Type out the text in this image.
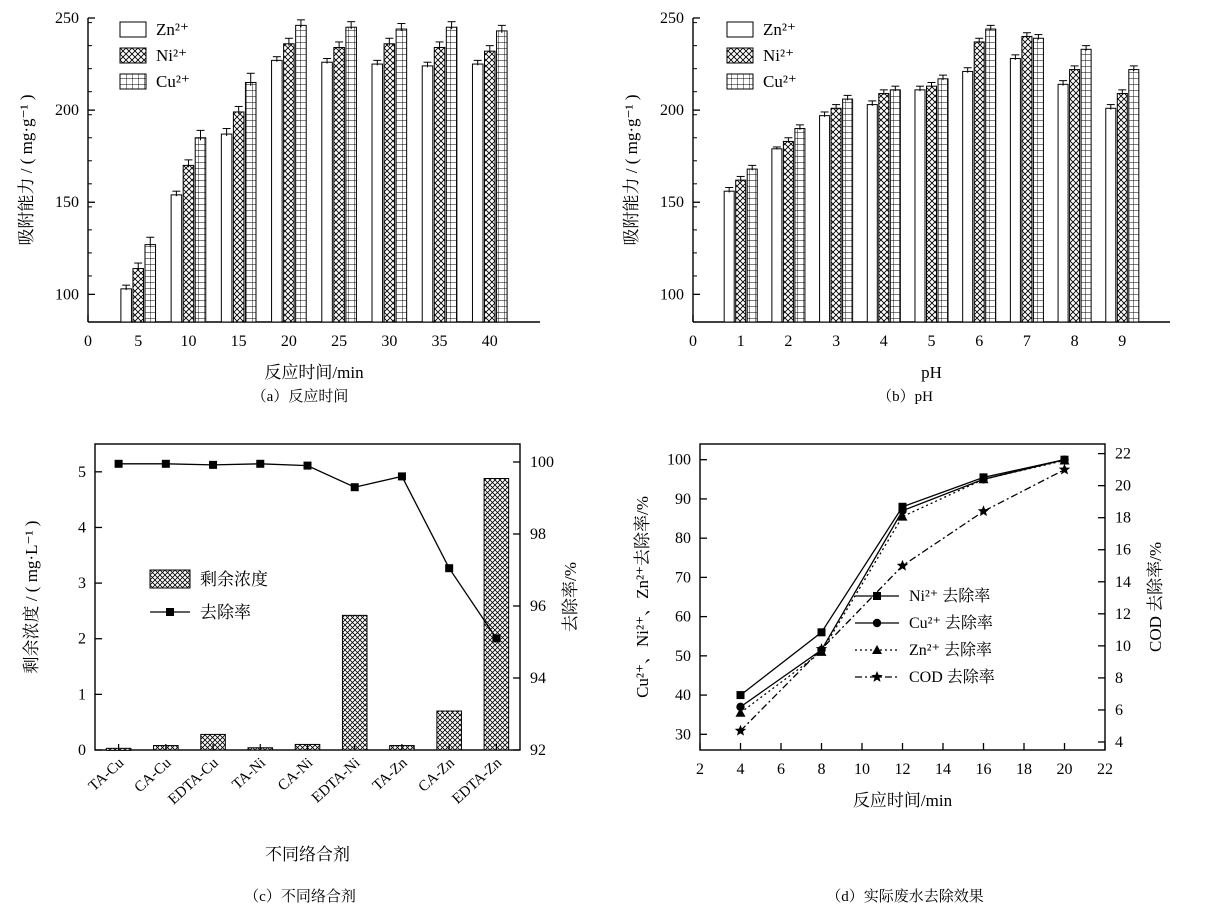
100
150
200
250
0	5 10 15 20 25 30 35 40
Zn²⁺
Ni²⁺
Cu²⁺
反应时间/min
吸附能力 / ( mg·g⁻¹ )
（a）反应时间
100
150
200
250
0 1 2 3 4 5 6 7 8 9
Zn²⁺
Ni²⁺
Cu²⁺
pH
吸附能力 / ( mg·g⁻¹ )
（b）pH
0
1
2
3
4
5
92
94
96
98
100
TA-Cu CA-Cu
EDTA-Cu TA-Ni CA-Ni
EDTA-Ni TA-Zn CA-Zn
EDTA-Zn
剩余浓度
去除率
不同络合剂
剩余浓度 / ( mg·L⁻¹ )	去除率/%
（c）不同络合剂
2 4 6 8 10 12 14 16 18 20 22
30
40
50
60
70
80
90
100
4
6
8
10
12
14
16
18
20
22
Ni²⁺ 去除率
Cu²⁺ 去除率
Zn²⁺ 去除率
COD 去除率
反应时间/min
Cu²⁺、Ni²⁺、Zn²⁺去除率/%	COD 去除率/%
（d）实际废水去除效果
